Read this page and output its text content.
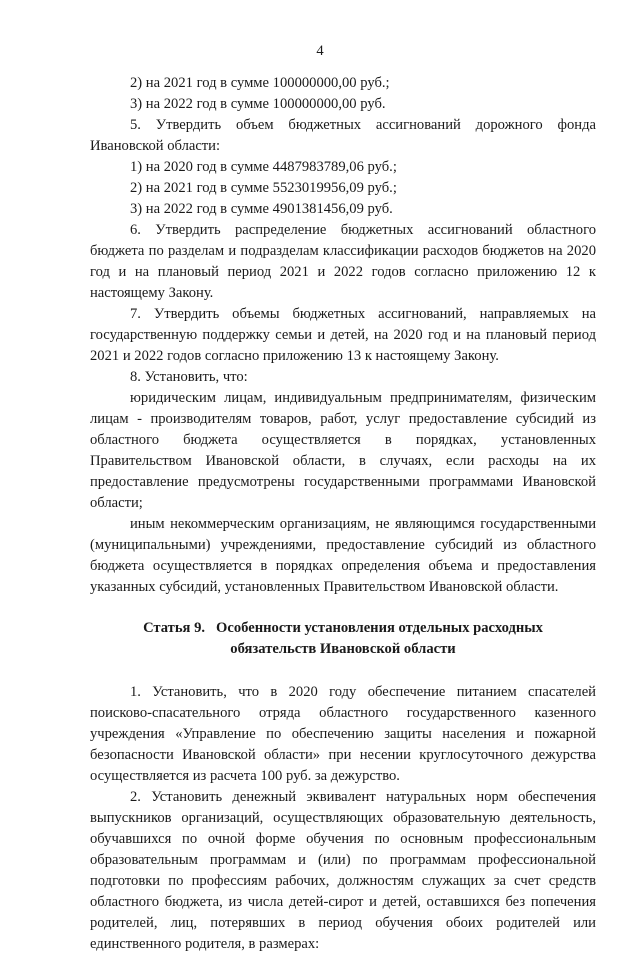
4

2) на 2021 год в сумме 100000000,00 руб.;

3) на 2022 год в сумме 100000000,00 руб.

5. Утвердить объем бюджетных ассигнований дорожного фонда Ивановской области:

1) на 2020 год в сумме 4487983789,06 руб.;

2) на 2021 год в сумме 5523019956,09 руб.;

3) на 2022 год в сумме 4901381456,09 руб.

6. Утвердить распределение бюджетных ассигнований областного бюджета по разделам и подразделам классификации расходов бюджетов на 2020 год и на плановый период 2021 и 2022 годов согласно приложению 12 к настоящему Закону.

7. Утвердить объемы бюджетных ассигнований, направляемых на государственную поддержку семьи и детей, на 2020 год и на плановый период 2021 и 2022 годов согласно приложению 13 к настоящему Закону.

8. Установить, что:

юридическим лицам, индивидуальным предпринимателям, физическим лицам - производителям товаров, работ, услуг предоставление субсидий из областного бюджета осуществляется в порядках, установленных Правительством Ивановской области, в случаях, если расходы на их предоставление предусмотрены государственными программами Ивановской области;

иным некоммерческим организациям, не являющимся государственными (муниципальными) учреждениями, предоставление субсидий из областного бюджета осуществляется в порядках определения объема и предоставления указанных субсидий, установленных Правительством Ивановской области.

Статья 9.   Особенности установления отдельных расходных
обязательств Ивановской области

1. Установить, что в 2020 году обеспечение питанием спасателей поисково-спасательного отряда областного государственного казенного учреждения «Управление по обеспечению защиты населения и пожарной безопасности Ивановской области» при несении круглосуточного дежурства осуществляется из расчета 100 руб. за дежурство.

2. Установить денежный эквивалент натуральных норм обеспечения выпускников организаций, осуществляющих образовательную деятельность, обучавшихся по очной форме обучения по основным профессиональным образовательным программам и (или) по программам профессиональной подготовки по профессиям рабочих, должностям служащих за счет средств областного бюджета, из числа детей-сирот и детей, оставшихся без попечения родителей, лиц, потерявших в период обучения обоих родителей или единственного родителя, в размерах:
